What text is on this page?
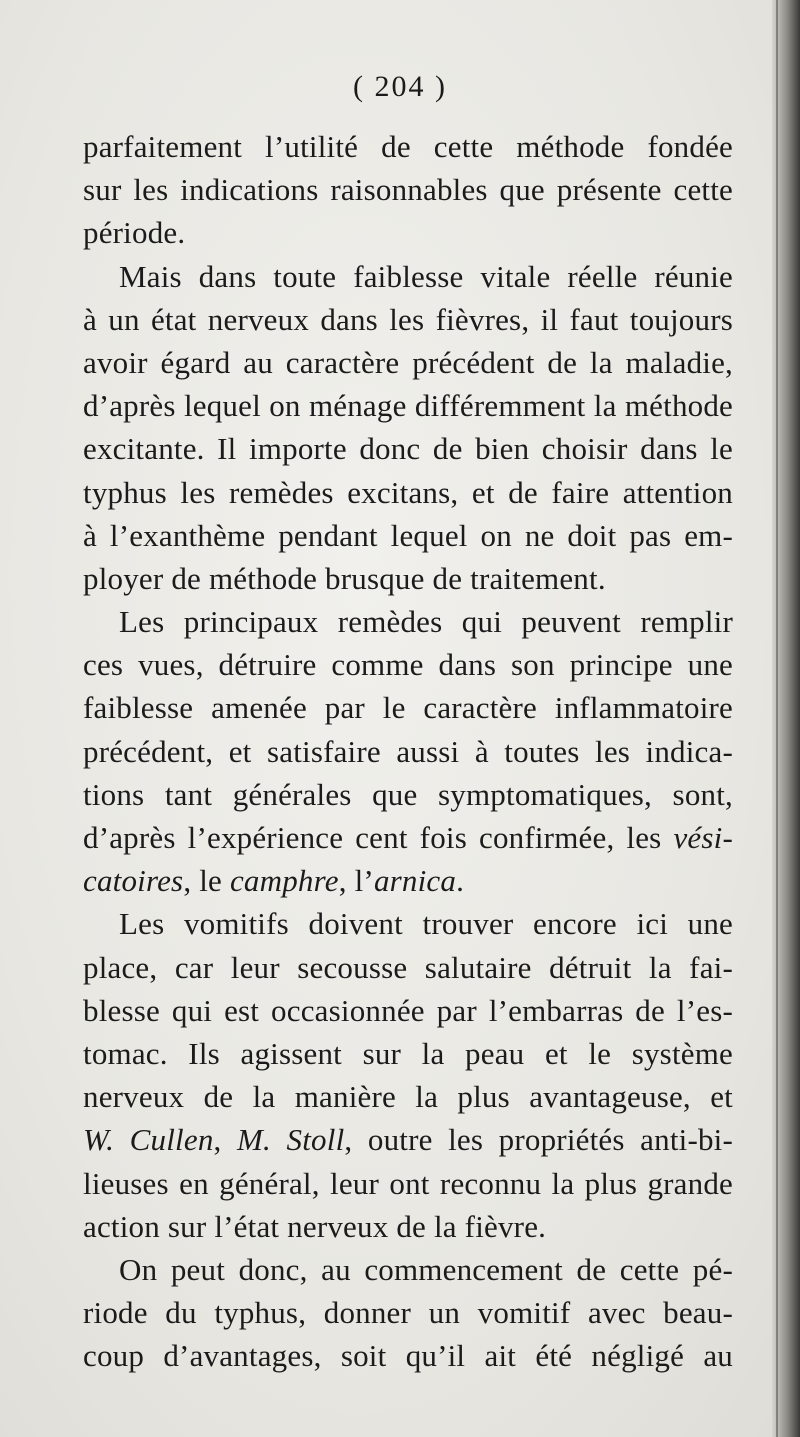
( 204 )
parfaitement l’utilité de cette méthode fondée
sur les indications raisonnables que présente cette
période.
Mais dans toute faiblesse vitale réelle réunie
à un état nerveux dans les fièvres, il faut toujours
avoir égard au caractère précédent de la maladie,
d’après lequel on ménage différemment la méthode
excitante. Il importe donc de bien choisir dans le
typhus les remèdes excitans, et de faire attention
à l’exanthème pendant lequel on ne doit pas em-
ployer de méthode brusque de traitement.
Les principaux remèdes qui peuvent remplir
ces vues, détruire comme dans son principe une
faiblesse amenée par le caractère inflammatoire
précédent, et satisfaire aussi à toutes les indica-
tions tant générales que symptomatiques, sont,
d’après l’expérience cent fois confirmée, les vési-
catoires, le camphre, l’arnica.
Les vomitifs doivent trouver encore ici une
place, car leur secousse salutaire détruit la fai-
blesse qui est occasionnée par l’embarras de l’es-
tomac. Ils agissent sur la peau et le système
nerveux de la manière la plus avantageuse, et
W. Cullen, M. Stoll, outre les propriétés anti-bi-
lieuses en général, leur ont reconnu la plus grande
action sur l’état nerveux de la fièvre.
On peut donc, au commencement de cette pé-
riode du typhus, donner un vomitif avec beau-
coup d’avantages, soit qu’il ait été négligé au
